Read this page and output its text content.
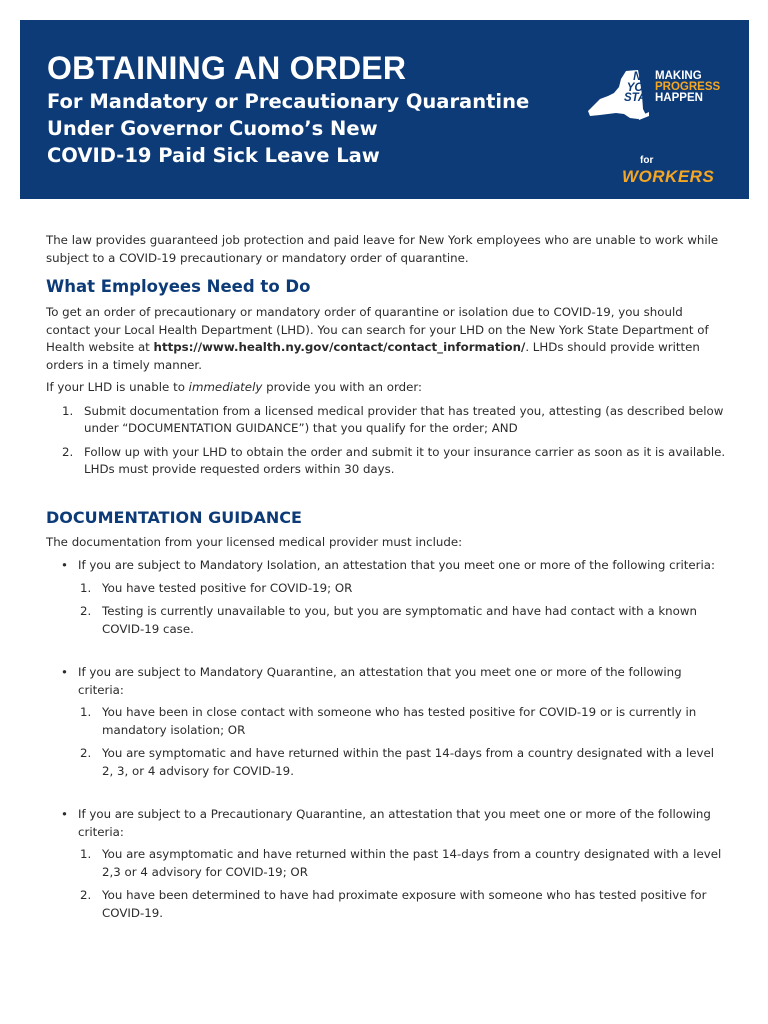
OBTAINING AN ORDER
For Mandatory or Precautionary Quarantine
Under Governor Cuomo’s New
COVID-19 Paid Sick Leave Law
NEW
YORK
STATE
MAKING
PROGRESS
HAPPEN
for
WORKERS

The law provides guaranteed job protection and paid leave for New York employees who are unable to work while subject to a COVID-19 precautionary or mandatory order of quarantine.

What Employees Need to Do

To get an order of precautionary or mandatory order of quarantine or isolation due to COVID-19, you should contact your Local Health Department (LHD). You can search for your LHD on the New York State Department of Health website at https://www.health.ny.gov/contact/contact_information/. LHDs should provide written orders in a timely manner.

If your LHD is unable to immediately provide you with an order:

1. Submit documentation from a licensed medical provider that has treated you, attesting (as described below under “DOCUMENTATION GUIDANCE”) that you qualify for the order; AND
2. Follow up with your LHD to obtain the order and submit it to your insurance carrier as soon as it is available. LHDs must provide requested orders within 30 days.
DOCUMENTATION GUIDANCE

The documentation from your licensed medical provider must include:

• If you are subject to Mandatory Isolation, an attestation that you meet one or more of the following criteria:
1. You have tested positive for COVID-19; OR
2. Testing is currently unavailable to you, but you are symptomatic and have had contact with a known COVID-19 case.
• If you are subject to Mandatory Quarantine, an attestation that you meet one or more of the following criteria:
1. You have been in close contact with someone who has tested positive for COVID-19 or is currently in mandatory isolation; OR
2. You are symptomatic and have returned within the past 14-days from a country designated with a level 2, 3, or 4 advisory for COVID-19.
• If you are subject to a Precautionary Quarantine, an attestation that you meet one or more of the following criteria:
1. You are asymptomatic and have returned within the past 14-days from a country designated with a level 2,3 or 4 advisory for COVID-19; OR
2. You have been determined to have had proximate exposure with someone who has tested positive for COVID-19.
